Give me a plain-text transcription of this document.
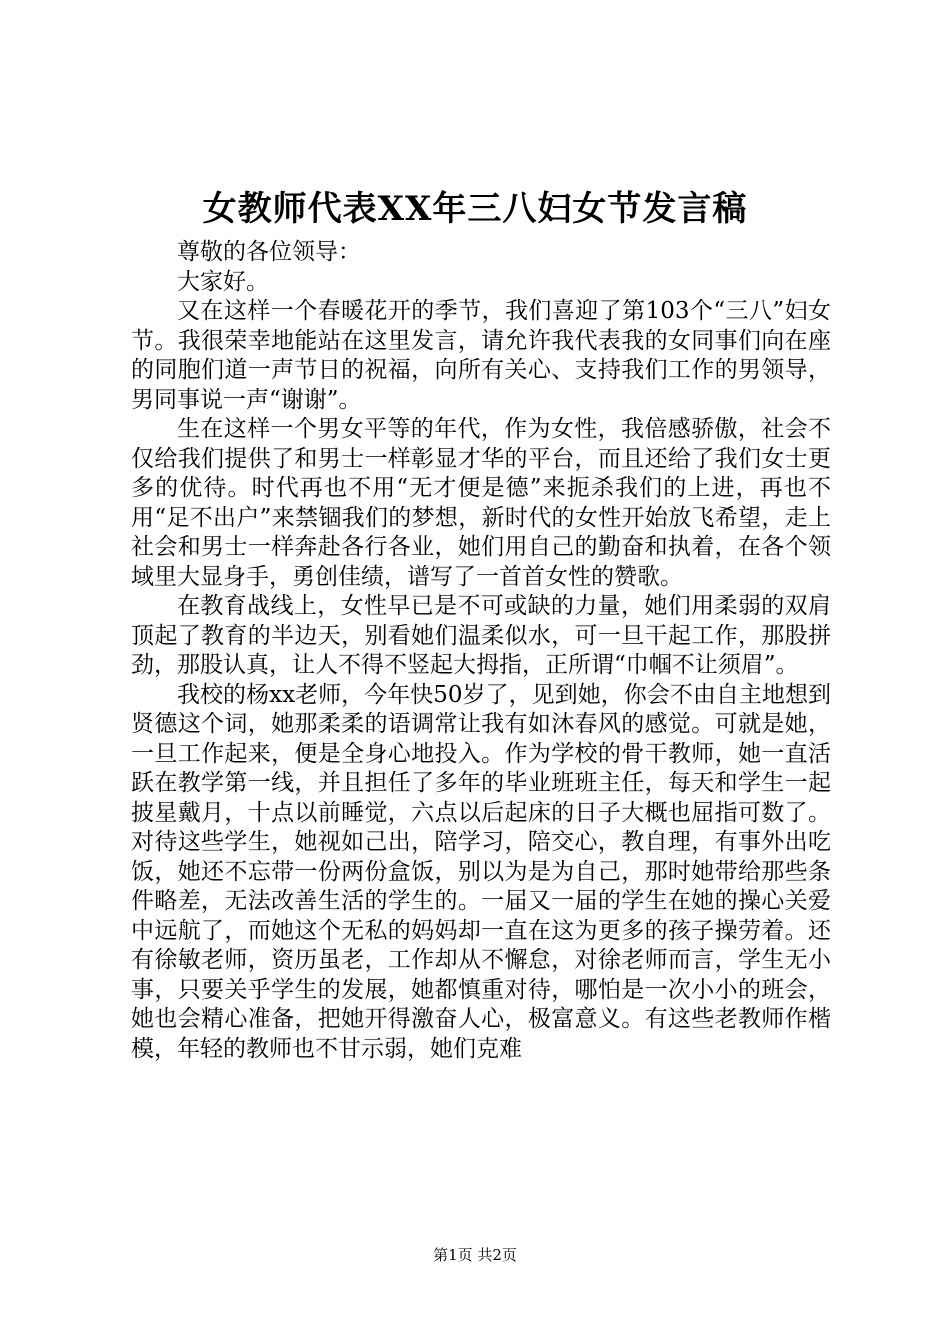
女教师代表XX年三八妇女节发言稿

尊敬的各位领导：

大家好。

又在这样一个春暖花开的季节，我们喜迎了第103个“三八”妇女节。我很荣幸地能站在这里发言，请允许我代表我的女同事们向在座的同胞们道一声节日的祝福，向所有关心、支持我们工作的男领导，男同事说一声“谢谢”。

生在这样一个男女平等的年代，作为女性，我倍感骄傲，社会不仅给我们提供了和男士一样彰显才华的平台，而且还给了我们女士更多的优待。时代再也不用“无才便是德”来扼杀我们的上进，再也不用“足不出户”来禁锢我们的梦想，新时代的女性开始放飞希望，走上社会和男士一样奔赴各行各业，她们用自己的勤奋和执着，在各个领域里大显身手，勇创佳绩，谱写了一首首女性的赞歌。

在教育战线上，女性早已是不可或缺的力量，她们用柔弱的双肩顶起了教育的半边天，别看她们温柔似水，可一旦干起工作，那股拼劲，那股认真，让人不得不竖起大拇指，正所谓“巾帼不让须眉”。

我校的杨xx老师，今年快50岁了，见到她，你会不由自主地想到贤德这个词，她那柔柔的语调常让我有如沐春风的感觉。可就是她，一旦工作起来，便是全身心地投入。作为学校的骨干教师，她一直活跃在教学第一线，并且担任了多年的毕业班班主任，每天和学生一起披星戴月，十点以前睡觉，六点以后起床的日子大概也屈指可数了。对待这些学生，她视如己出，陪学习，陪交心，教自理，有事外出吃饭，她还不忘带一份两份盒饭，别以为是为自己，那时她带给那些条件略差，无法改善生活的学生的。一届又一届的学生在她的操心关爱中远航了，而她这个无私的妈妈却一直在这为更多的孩子操劳着。还有徐敏老师，资历虽老，工作却从不懈怠，对徐老师而言，学生无小事，只要关乎学生的发展，她都慎重对待，哪怕是一次小小的班会，她也会精心准备，把她开得激奋人心，极富意义。有这些老教师作楷模，年轻的教师也不甘示弱，她们克难

第1页 共2页
